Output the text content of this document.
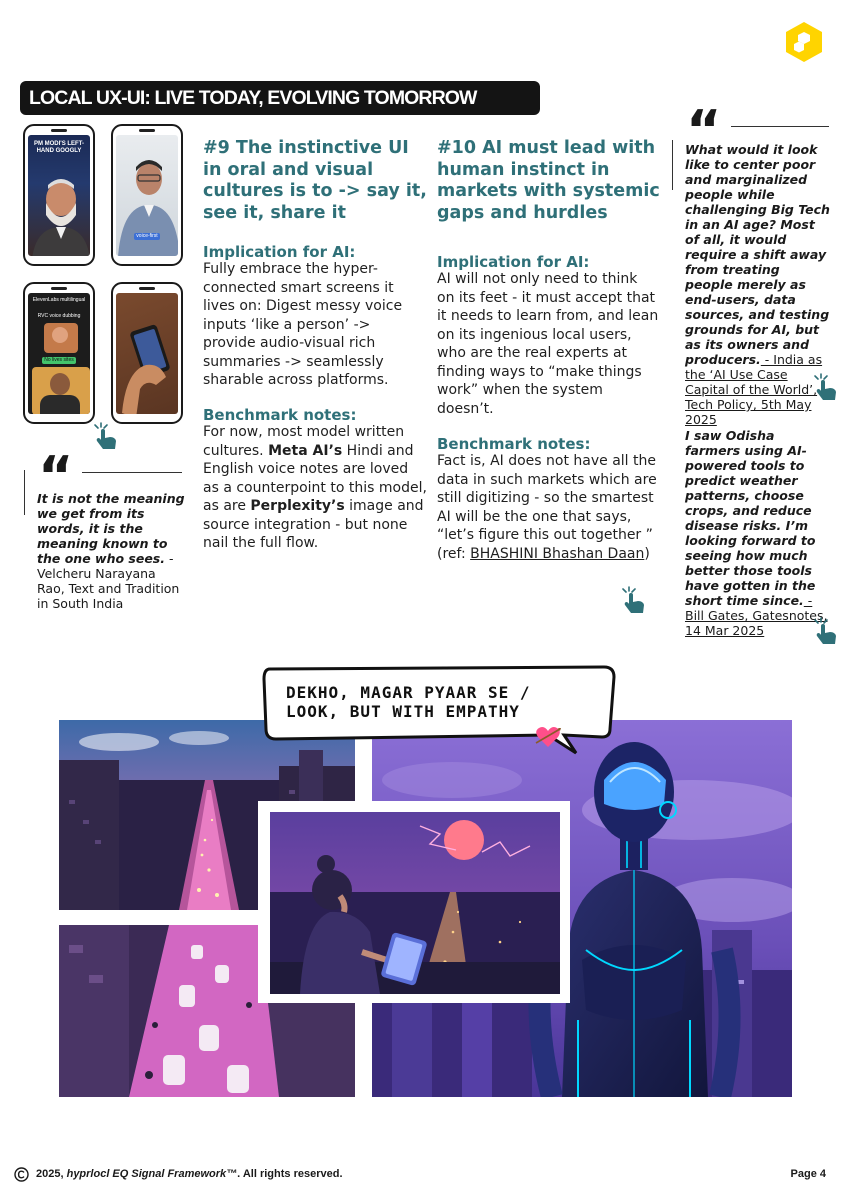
LOCAL UX-UI: LIVE TODAY, EVOLVING TOMORROW
PM MODI'S LEFT-HAND GOOGLY
voice-first
ElevenLabs multilingual
RVC voice dubbing
No lives sites
#9 The instinctive UI in oral and visual cultures is to -> say it, see it, share it
Implication for AI:
Fully embrace the hyper-connected smart screens it lives on: Digest messy voice inputs ‘like a person’ -> provide audio-visual rich summaries -> seamlessly sharable across platforms.
Benchmark notes:
For now, most model written cultures. Meta AI’s Hindi and English voice notes are loved as a counterpoint to this model, as are Perplexity’s image and source integration - but none nail the full flow.
#10 AI must lead with human instinct in markets with systemic gaps and hurdles
Implication for AI:
AI will not only need to think on its feet - it must accept that it needs to learn from, and lean on its ingenious local users, who are the real experts at finding ways to “make things work” when the system doesn’t.
Benchmark notes:
Fact is, AI does not have all the data in such markets which are still digitizing - so the smartest AI will be the one that says, “let’s figure this out together ” (ref: BHASHINI Bhashan Daan)
“
It is not the meaning we get from its words, it is the meaning known to the one who sees. - Velcheru Narayana Rao, Text and Tradition in South India
“
What would it look like to center poor and marginalized people while challenging Big Tech in an AI age? Most of all, it would require a shift away from treating people merely as end-users, data sources, and testing grounds for AI, but as its owners and producers. - India as the ‘AI Use Case Capital of the World’, Tech Policy, 5th May 2025
I saw Odisha farmers using AI-powered tools to predict weather patterns, choose crops, and reduce disease risks. I’m looking forward to seeing how much better those tools have gotten in the short time since. - Bill Gates, Gatesnotes, 14 Mar 2025
DEKHO, MAGAR PYAAR SE /
LOOK, BUT WITH EMPATHY
2025, hyprlocl EQ Signal Framework™. All rights reserved.	Page 4
